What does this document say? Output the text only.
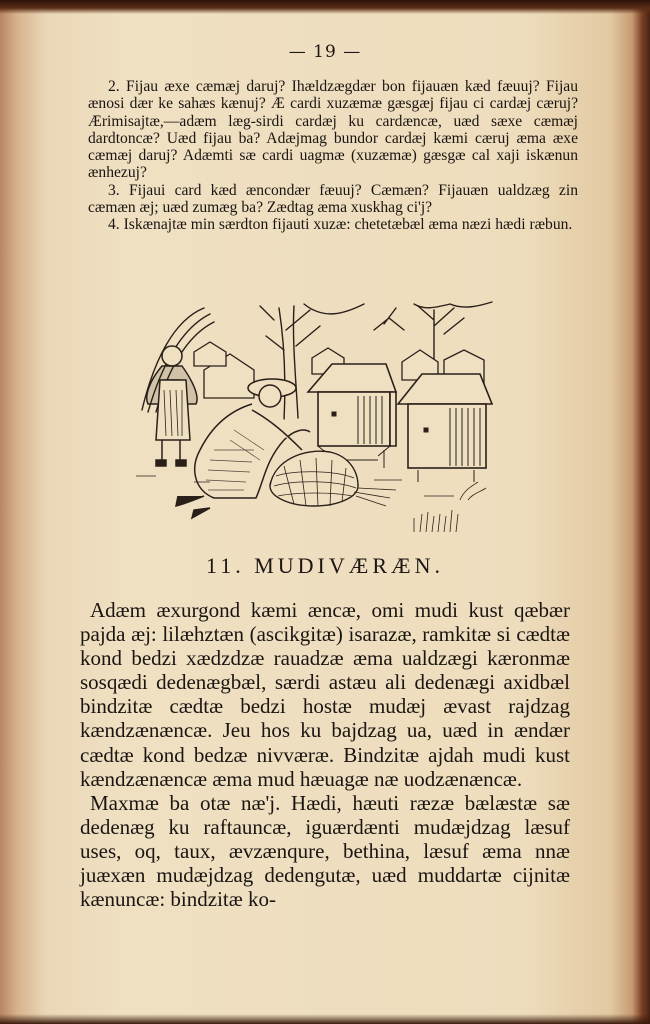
— 19 —

2. Fijau æxe cæmæj daruj? Ihældzægdær bon fijauæn kæd fæuuj? Fijau ænosi dær ke sahæs kænuj? Æ cardi xuzæmæ gæsgæj fijau ci cardæj cæruj? Ærimisajtæ,—adæm læg-sirdi cardæj ku cardæncæ, uæd sæxe cæmæj dardtoncæ? Uæd fijau ba? Adæjmag bundor cardæj kæmi cæruj æma æxe cæmæj daruj? Adæmti sæ cardi uagmæ (xuzæmæ) gæsgæ cal xaji iskænun ænhezuj?

3. Fijaui card kæd æncondær fæuuj? Cæmæn? Fijauæn ualdzæg zin cæmæn æj; uæd zumæg ba? Zædtag æma xuskhag ci'j?

4. Iskænajtæ min særdton fijauti xuzæ: chetetæbæl æma næzi hædi ræbun.

11. MUDIVÆRÆN.

Adæm æxurgond kæmi æncæ, omi mudi kust qæbær pajda æj: lilæhztæn (ascikgitæ) isarazæ, ramkitæ si cædtæ kond bedzi xædzdzæ rauadzæ æma ualdzægi kæronmæ sosqædi dedenægbæl, særdi astæu ali dedenægi axidbæl bindzitæ cædtæ bedzi hostæ mudæj ævast rajdzag kændzænæncæ. Jeu hos ku bajdzag ua, uæd in ændær cædtæ kond bedzæ nivværæ. Bindzitæ ajdah mudi kust kændzænæncæ æma mud hæuagæ næ uodzænæncæ.

Maxmæ ba otæ næ'j. Hædi, hæuti ræzæ bælæstæ sæ dedenæg ku raftauncæ, iguærdænti mudæjdzag læsuf uses, oq, taux, ævzænqure, bethina, læsuf æma nnæ juæxæn mudæjdzag dedengutæ, uæd muddartæ cijnitæ kænuncæ: bindzitæ ko-
